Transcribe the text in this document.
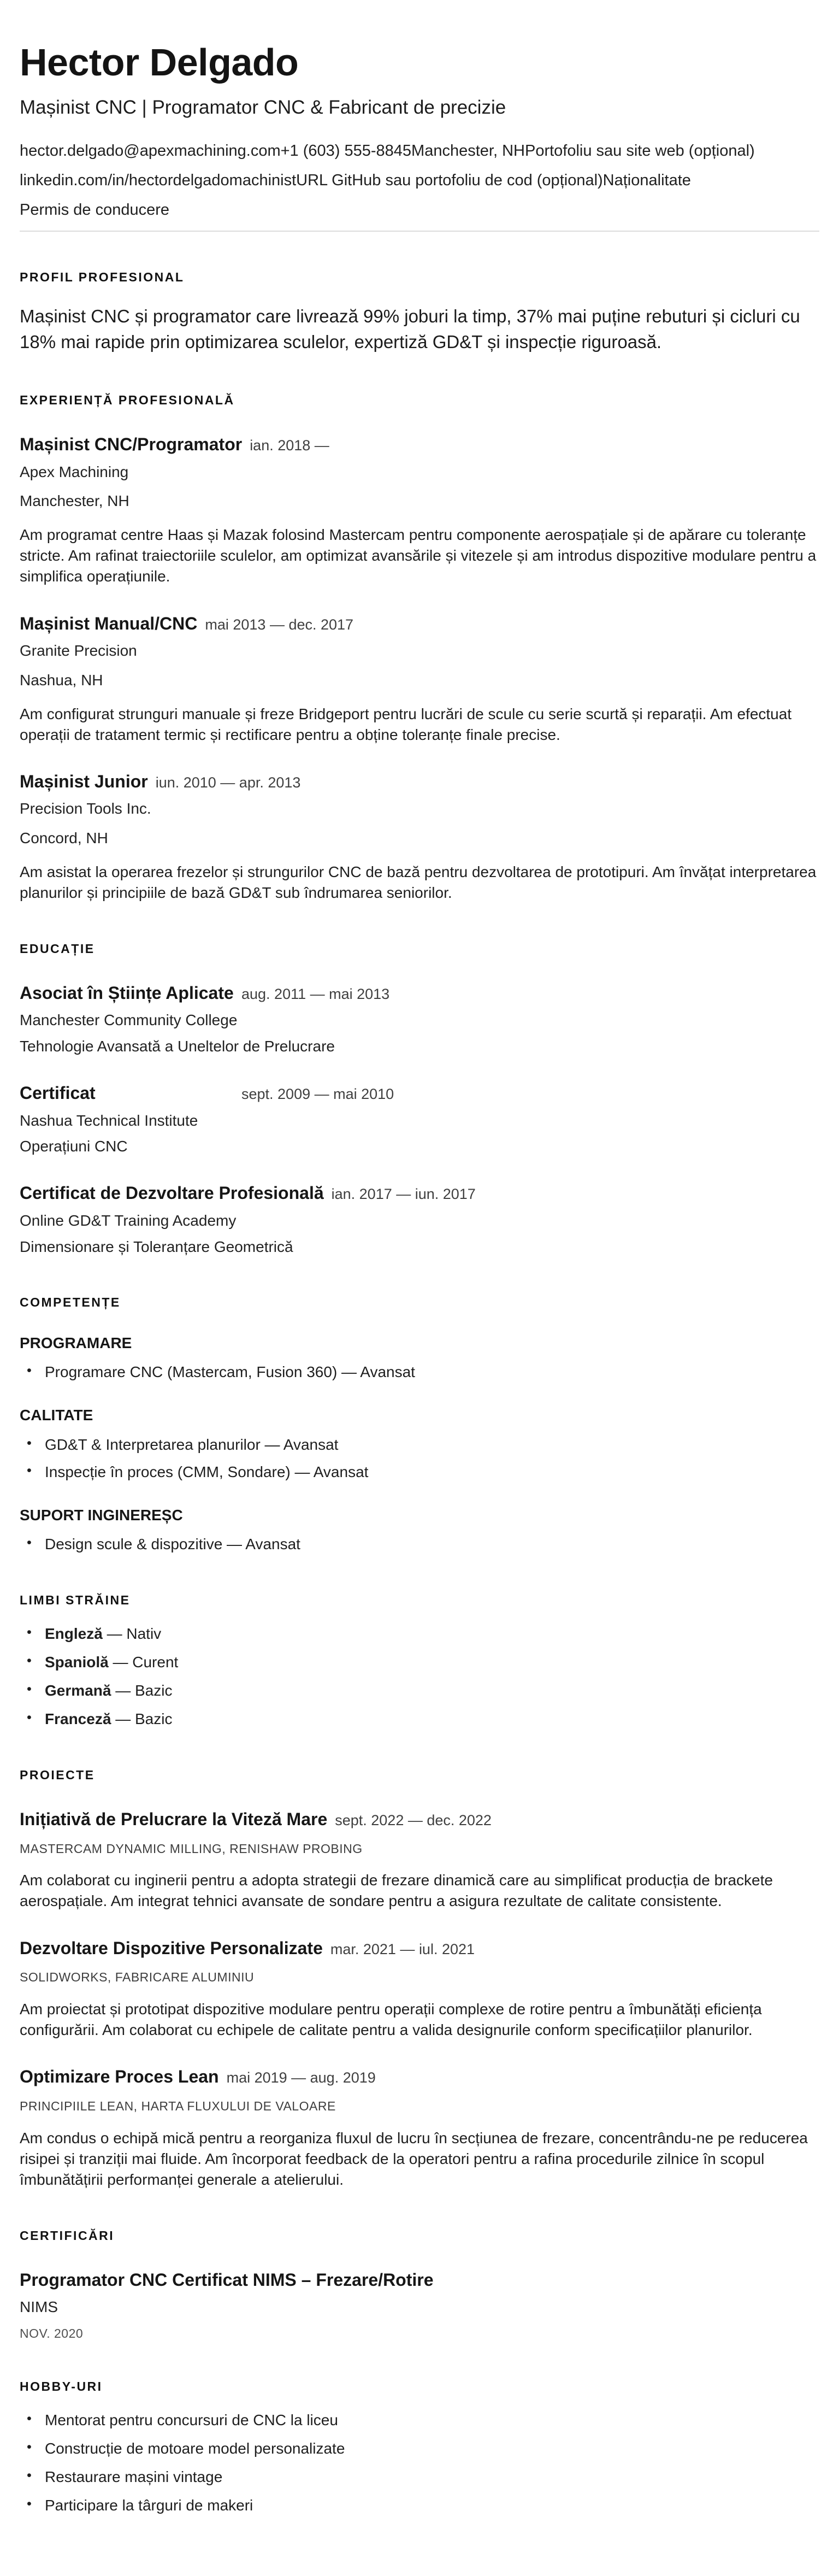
Hector Delgado
Mașinist CNC | Programator CNC & Fabricant de precizie
hector.delgado@apexmachining.com+1 (603) 555-8845Manchester, NHPortofoliu sau site web (opțional)
linkedin.com/in/hectordelgadomachinistURL GitHub sau portofoliu de cod (opțional)Naționalitate
Permis de conducere
PROFIL PROFESIONAL

Mașinist CNC și programator care livrează 99% joburi la timp, 37% mai puține rebuturi și cicluri cu 18% mai rapide prin optimizarea sculelor, expertiză GD&T și inspecție riguroasă.

EXPERIENȚĂ PROFESIONALĂ
Mașinist CNC/Programator ian. 2018 —
Apex Machining
Manchester, NH

Am programat centre Haas și Mazak folosind Mastercam pentru componente aerospațiale și de apărare cu toleranțe stricte. Am rafinat traiectoriile sculelor, am optimizat avansările și vitezele și am introdus dispozitive modulare pentru a simplifica operațiunile.

Mașinist Manual/CNC mai 2013 — dec. 2017
Granite Precision
Nashua, NH

Am configurat strunguri manuale și freze Bridgeport pentru lucrări de scule cu serie scurtă și reparații. Am efectuat operații de tratament termic și rectificare pentru a obține toleranțe finale precise.

Mașinist Junior iun. 2010 — apr. 2013
Precision Tools Inc.
Concord, NH

Am asistat la operarea frezelor și strungurilor CNC de bază pentru dezvoltarea de prototipuri. Am învățat interpretarea planurilor și principiile de bază GD&T sub îndrumarea seniorilor.

EDUCAȚIE
Asociat în Științe Aplicate aug. 2011 — mai 2013
Manchester Community College
Tehnologie Avansată a Uneltelor de Prelucrare
Certificat	sept. 2009 — mai 2010
Nashua Technical Institute
Operațiuni CNC
Certificat de Dezvoltare Profesională ian. 2017 — iun. 2017
Online GD&T Training Academy
Dimensionare și Toleranțare Geometrică
COMPETENȚE
PROGRAMARE
• Programare CNC (Mastercam, Fusion 360) — Avansat
CALITATE
• GD&T & Interpretarea planurilor — Avansat
• Inspecție în proces (CMM, Sondare) — Avansat
SUPORT INGINEREȘC
• Design scule & dispozitive — Avansat
LIMBI STRĂINE
• Engleză — Nativ
• Spaniolă — Curent
• Germană — Bazic
• Franceză — Bazic
PROIECTE
Inițiativă de Prelucrare la Viteză Mare sept. 2022 — dec. 2022
MASTERCAM DYNAMIC MILLING, RENISHAW PROBING

Am colaborat cu inginerii pentru a adopta strategii de frezare dinamică care au simplificat producția de brackete aerospațiale. Am integrat tehnici avansate de sondare pentru a asigura rezultate de calitate consistente.

Dezvoltare Dispozitive Personalizate mar. 2021 — iul. 2021
SOLIDWORKS, FABRICARE ALUMINIU

Am proiectat și prototipat dispozitive modulare pentru operații complexe de rotire pentru a îmbunătăți eficiența configurării. Am colaborat cu echipele de calitate pentru a valida designurile conform specificațiilor planurilor.

Optimizare Proces Lean mai 2019 — aug. 2019
PRINCIPIILE LEAN, HARTA FLUXULUI DE VALOARE

Am condus o echipă mică pentru a reorganiza fluxul de lucru în secțiunea de frezare, concentrându-ne pe reducerea risipei și tranziții mai fluide. Am încorporat feedback de la operatori pentru a rafina procedurile zilnice în scopul îmbunătățirii performanței generale a atelierului.

CERTIFICĂRI
Programator CNC Certificat NIMS – Frezare/Rotire
NIMS
NOV. 2020
HOBBY-URI
• Mentorat pentru concursuri de CNC la liceu
• Construcție de motoare model personalizate
• Restaurare mașini vintage
• Participare la târguri de makeri
